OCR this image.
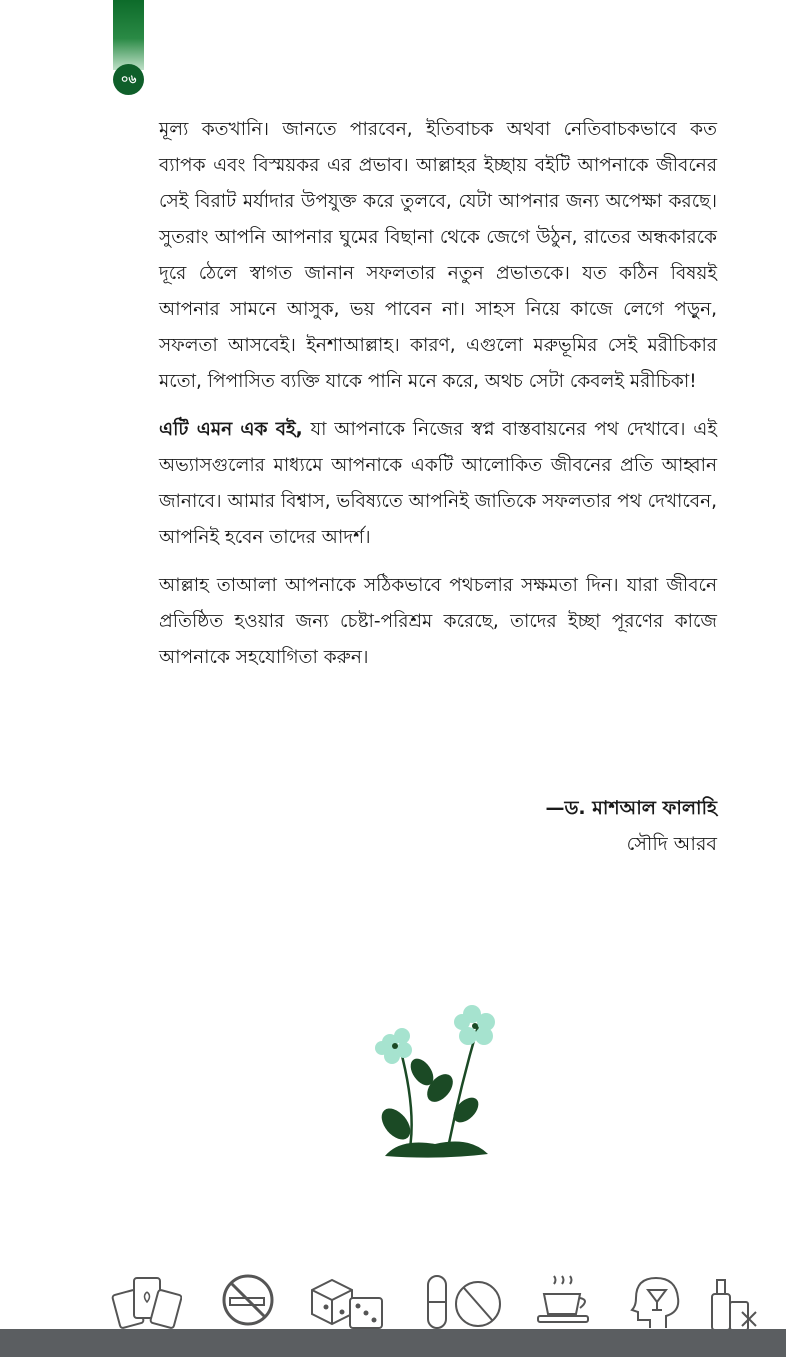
০৬

মূল্য কতখানি। জানতে পারবেন, ইতিবাচক অথবা নেতিবাচকভাবে কত ব্যাপক এবং বিস্ময়কর এর প্রভাব। আল্লাহর ইচ্ছায় বইটি আপনাকে জীবনের সেই বিরাট মর্যাদার উপযুক্ত করে তুলবে, যেটা আপনার জন্য অপেক্ষা করছে। সুতরাং আপনি আপনার ঘুমের বিছানা থেকে জেগে উঠুন, রাতের অন্ধকারকে দূরে ঠেলে স্বাগত জানান সফলতার নতুন প্রভাতকে। যত কঠিন বিষয়ই আপনার সামনে আসুক, ভয় পাবেন না। সাহস নিয়ে কাজে লেগে পড়ুন, সফলতা আসবেই। ইনশাআল্লাহ। কারণ, এগুলো মরুভূমির সেই মরীচিকার মতো, পিপাসিত ব্যক্তি যাকে পানি মনে করে, অথচ সেটা কেবলই মরীচিকা!

এটি এমন এক বই, যা আপনাকে নিজের স্বপ্ন বাস্তবায়নের পথ দেখাবে। এই অভ্যাসগুলোর মাধ্যমে আপনাকে একটি আলোকিত জীবনের প্রতি আহ্বান জানাবে। আমার বিশ্বাস, ভবিষ্যতে আপনিই জাতিকে সফলতার পথ দেখাবেন, আপনিই হবেন তাদের আদর্শ।

আল্লাহ তাআলা আপনাকে সঠিকভাবে পথচলার সক্ষমতা দিন। যারা জীবনে প্রতিষ্ঠিত হওয়ার জন্য চেষ্টা-পরিশ্রম করেছে, তাদের ইচ্ছা পূরণের কাজে আপনাকে সহযোগিতা করুন।

—ড. মাশআল ফালাহি
সৌদি আরব
